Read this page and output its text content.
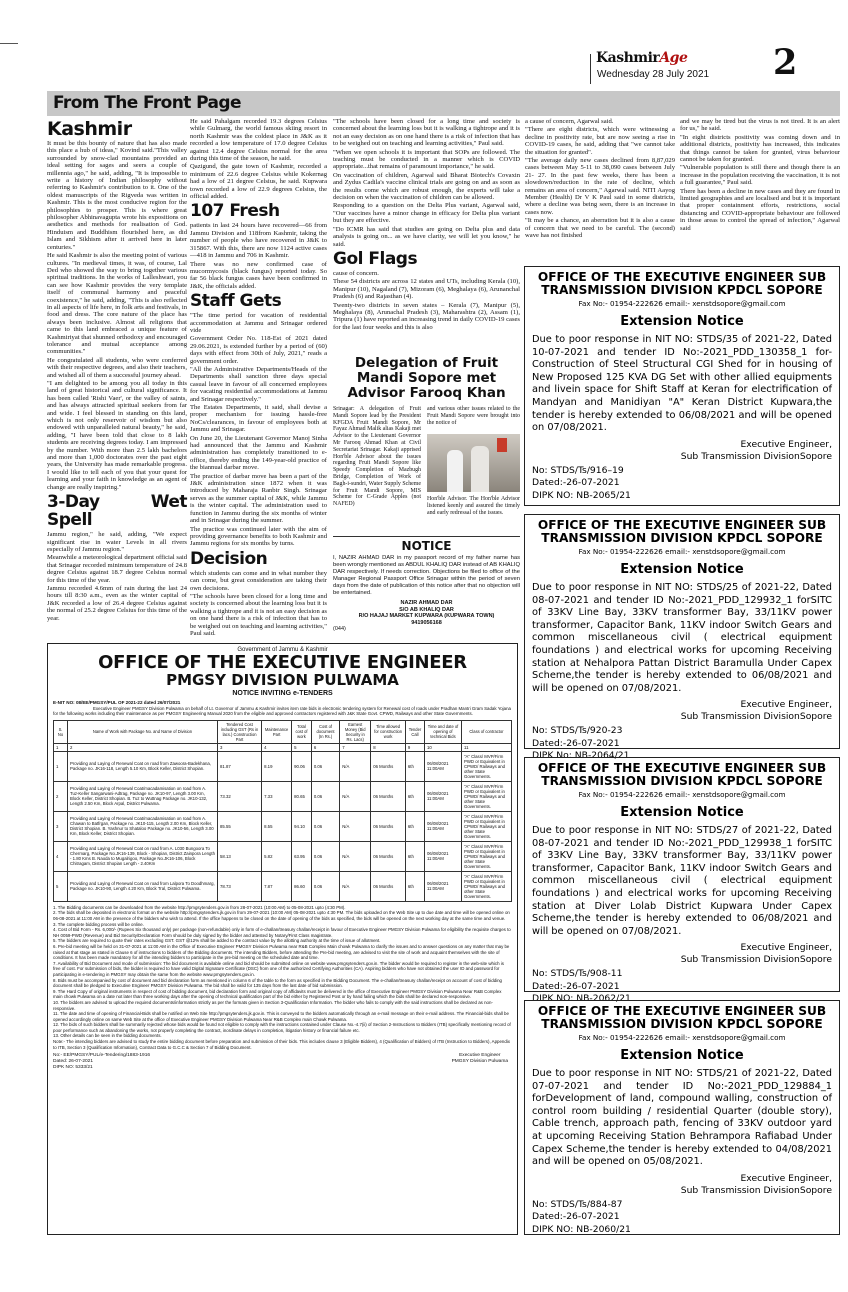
KashmirAge
Wednesday 28 July 2021 2
From The Front Page
Kashmir

It must be this bounty of nature that has also made this place a hub of ideas," Kovind said."This valley surrounded by snow-clad mountains provided an ideal setting for sages and seers a couple of millennia ago," he said, adding, "It is impossible to write a history of Indian philosophy without referring to Kashmir's contribution to it. One of the oldest manuscripts of the Rigveda was written in Kashmir. This is the most conducive region for the philosophies to prosper. This is where great philosopher Abhinavagupta wrote his expositions on aesthetics and methods for realisation of God. Hinduism and Buddhism flourished here, as did Islam and Sikhism after it arrived here in later centuries."

He said Kashmir is also the meeting point of various cultures. "In medieval times, it was, of course, Lal Ded who showed the way to bring together various spiritual traditions. In the works of Lalleshwari, you can see how Kashmir provides the very template itself of communal harmony and peaceful coexistence," he said, adding, "This is also reflected in all aspects of life here, in folk arts and festivals, in food and dress. The core nature of the place has always been inclusive. Almost all religions that came to this land embraced a unique feature of Kashmiriyat that shunned orthodoxy and encouraged tolerance and mutual acceptance among communities."

He congratulated all students, who were conferred with their respective degrees, and also their teachers, and wished all of them a successful journey ahead.

"I am delighted to be among you all today in this land of great historical and cultural significance. It has been called 'Rishi Vaer', or the valley of saints, and has always attracted spiritual seekers from far and wide. I feel blessed in standing on this land, which is not only reservoir of wisdom but also endowed with unparalleled natural beauty," he said, adding, "I have been told that close to 8 lakh students are receiving degrees today. I am impressed by the number. With more than 2.5 lakh bachelors and more than 1,000 doctorates over the past eight years, the University has made remarkable progress. I would like to tell each of you that your quest for learning and your faith in knowledge as an agent of change are really inspiring."

3-Day Wet Spell

Jammu region," he said, adding, "We expect significant rise in water Levels in all rivers especially of Jammu region."

Meanwhile a meteorological department official said that Srinagar recorded minimum temperature of 24.8 degree Celsius against 18.7 degree Celsius normal for this time of the year.

Jammu recorded 4.6mm of rain during the last 24 hours till 8:30 a.m., even as the winter capital of J&K recorded a low of 26.4 degree Celsius against the normal of 25.2 degree Celsius for this time of the year.

He said Pahalgam recorded 19.3 degrees Celsius while Gulmarg, the world famous skiing resort in north Kashmir was the coldest place in J&K as it recorded a low temperature of 17.0 degree Celsius against 12.4 degree Celsius normal for the area during this time of the season, he said.

Qazigund, the gate town of Kashmir, recorded a minimum of 22.6 degree Celsius while Kokernag had a low of 21 degree Celsius, he said. Kupwara town recorded a low of 22.9 degrees Celsius, the official added.

107 Fresh

patients in last 24 hours have recovered—66 from Jammu Division and 118from Kashmir, taking the number of people who have recovered in J&K to 315867. With this, there are now 1124 active cases—418 in Jammu and 706 in Kashmir.

There was no new confirmed case of mucormycosis (black fungus) reported today. So far 56 black fungus cases have been confirmed in J&K, the officials added.

Staff Gets

"The time period for vacation of residential accommodation at Jammu and Srinagar ordered vide

Government Order No. 118-Est of 2021 dated 29.06.2021, is extended further by a period of (60) days with effect from 30th of July, 2021," reads a government order.

"All the Administrative Departments/Heads of the Departments shall sanction three days special casual leave in favour of all concerned employees for vacating residential accommodations at Jammu and Srinagar respectively."

The Estates Departments, it said, shall devise a proper mechanism for issuing hassle-free NoCs/clearances, in favour of employees both at Jammu and Srinagar.

On June 20, the Lieutenant Governor Manoj Sinha had announced that the Jammu and Kashmir administration has completely transitioned to e-office, thereby ending the 149-year-old practice of the biannual darbar move.

The practice of darbar move has been a part of the J&K administration since 1872 when it was introduced by Maharaja Ranbir Singh. Srinagar serves as the summer capital of J&K, while Jammu is the winter capital. The administration used to function in Jammu during the six months of winter and in Srinagar during the summer.

The practice was continued later with the aim of providing governance benefits to both Kashmir and Jammu regions for six months by turns.

Decision

which students can come and in what number they can come, but great consideration are taking their own decisions.

"The schools have been closed for a long time and society is concerned about the learning loss but it is walking a tightrope and it is not an easy decision as on one hand there is a risk of infection that has to be weighed out on teaching and learning activities," Paul said.

"The schools have been closed for a long time and society is concerned about the learning loss but it is walking a tightrope and it is not an easy decision as on one hand there is a risk of infection that has to be weighed out on teaching and learning activities," Paul said.

"When we open schools it is important that SOPs are followed. The teaching must be conducted in a manner which is COVID appropriate...that remains of paramount importance," he said.

On vaccination of children, Agarwal said Bharat Biotech's Covaxin and Zydus Cadila's vaccine clinical trials are going on and as soon as the results come which are robust enough, the experts will take a decision on when the vaccination of children can be allowed.

Responding to a question on the Delta Plus variant, Agarwal said, "Our vaccines have a minor change in efficacy for Delta plus variant but they are effective.

"Do ICMR has said that studies are going on Delta plus and data analysis is going on... as we have clarity, we will let you know," he said.

Gol Flags

cause of concern.

These 54 districts are across 12 states and UTs, including Kerala (10), Manipur (10), Nagaland (7), Mizoram (6), Meghalaya (6), Arunanchal Pradesh (6) and Rajasthan (4).

Twenty-two districts in seven states – Kerala (7), Manipur (5), Meghalaya (8), Arunachal Pradesh (3), Maharashtra (2), Assam (1), Tripura (1) have reported an increasing trend in daily COVID-19 cases for the last four weeks and this is also

a cause of concern, Agarwal said.

"There are eight districts, which were witnessing a decline in positivity rate, but are now seeing a rise in COVID-19 cases, he said, adding that "we cannot take the situation for granted".

"The average daily new cases declined from 8,87,029 cases between May 5-11 to 38,090 cases between July 21- 27. In the past few weeks, there has been a slowdown/reduction in the rate of decline, which remains an area of concern," Agarwal said. NITI Aayog Member (Health) Dr V K Paul said in some districts, where a decline was being seen, there is an increase in cases now.

"It may be a chance, an aberration but it is also a cause of concern that we need to be careful. The (second) wave has not finished

and we may be tired but the virus is not tired. It is an alert for us," he said.

"In eight districts positivity was coming down and in additional districts, positivity has increased, this indicates that things cannot be taken for granted, virus behaviour cannot be taken for granted.

"Vulnerable population is still there and though there is an increase in the population receiving the vaccination, it is not a full guarantee," Paul said.

There has been a decline in new cases and they are found in limited geographies and are localised and but it is important that proper containment efforts, restrictions, social distancing and COVID-appropriate behaviour are followed in those areas to control the spread of infection," Agarwal said

Delegation of Fruit Mandi Sopore met Advisor Farooq Khan
Srinagar: A delegation of Fruit Mandi Sopore lead by the President KFGDA Fruit Mandi Sopore, Mr Fayaz Ahmad Malik alias Kakaji met Advisor to the Lieutenant Governor Mr Farooq Ahmad Khan at Civil Secretariat Srinagar. Kakaji apprised Hon'ble Advisor about the issues regarding Fruit Mandi Sopore like Speedy Completion of Mazbugh Bridge, Completion of Work of Bagh-i-sundri, Water Supply Scheme for Fruit Mandi Sopore, MIS Scheme for C-Grade Apples (not NAFED)
and various other issues related to the Fruit Mandi Sopore were brought into the notice of
Hon'ble Advisor. The Hon'ble Advisor listened keenly and assured the timely and early redressal of the issues.
NOTICE
I, NAZIR AHMAD DAR in my passport record of my father name has been wrongly mentioned as ABDUL KHALIQ DAR instead of AB KHALIQ DAR respectively. If needs correction. Objections be filed to office of the Manager Regional Passport Office Srinagar within the period of seven days from the date of publication of this notice after that no objection will be entertained.
NAZIR AHMAD DAR
S/O AB KHALIQ DAR
R/O HAJAJ MARKET KUPWARA (KUPWARA TOWN)
9419056168
(044)
OFFICE OF THE EXECUTIVE ENGINEER SUB TRANSMISSION DIVISION KPDCL SOPORE
Fax No:- 01954-222626 email:- xenstdsopore@gmail.com
Extension Notice
Due to poor response in NIT NO: STDS/35 of 2021-22, Dated 10-07-2021 and tender ID No:-2021_PDD_130358_1 for-Construction of Steel Structural CGI Shed for in housing of New Proposed 125 KVA DG Set with other allied equipments and livein space for Shift Staff at Keran for electrification of Mandyan and Manidiyan "A" Keran District Kupwara,the tender is hereby extended to 06/08/2021 and will be opened on 07/08/2021.
Executive Engineer,
Sub Transmission DivisionSopore
No: STDS/Ts/916–19
Dated:-26-07-2021
DIPK NO: NB-2065/21
OFFICE OF THE EXECUTIVE ENGINEER SUB TRANSMISSION DIVISION KPDCL SOPORE
Fax No:- 01954-222626 email:- xenstdsopore@gmail.com
Extension Notice
Due to poor response in NIT NO: STDS/25 of 2021-22, Dated 08-07-2021 and tender ID No:-2021_PDD_129932_1 forSITC of 33KV Line Bay, 33KV transformer Bay, 33/11KV power transformer, Capacitor Bank, 11KV indoor Switch Gears and common miscellaneous civil ( electrical equipment foundations ) and electrical works for upcoming Receiving station at Nehalpora Pattan District Baramulla Under Capex Scheme,the tender is hereby extended to 06/08/2021 and will be opened on 07/08/2021.
Executive Engineer,
Sub Transmission DivisionSopore
No: STDS/Ts/920-23
Dated:-26-07-2021
DIPK No: NB-2064/21
OFFICE OF THE EXECUTIVE ENGINEER SUB TRANSMISSION DIVISION KPDCL SOPORE
Fax No:- 01954-222626 email:- xenstdsopore@gmail.com
Extension Notice
Due to poor response in NIT NO: STDS/27 of 2021-22, Dated 08-07-2021 and tender ID No:-2021_PDD_129938_1 forSITC of 33KV Line Bay, 33KV transformer Bay, 33/11KV power transformer, Capacitor Bank, 11KV indoor Switch Gears and common miscellaneous civil ( electrical equipment foundations ) and electrical works for upcoming Receiving station at Diver Lolab District Kupwara Under Capex Scheme,the tender is hereby extended to 06/08/2021 and will be opened on 07/08/2021.
Executive Engineer,
Sub Transmission DivisionSopore
No: STDS/Ts/908-11
Dated:-26-07-2021
DIPK NO: NB-2062/21
OFFICE OF THE EXECUTIVE ENGINEER SUB TRANSMISSION DIVISION KPDCL SOPORE
Fax No:- 01954-222626 email:- xenstdsopore@gmail.com
Extension Notice
Due to poor response in NIT NO: STDS/21 of 2021-22, Dated 07-07-2021 and tender ID No:-2021_PDD_129884_1 forDevelopment of land, compound walling, construction of control room building / residential Quarter (double story), Cable trench, approach path, fencing of 33KV outdoor yard at upcoming Receiving Station Behrampora Rafiabad Under Capex Scheme,the tender is hereby extended to 04/08/2021 and will be opened on 05/08/2021.
Executive Engineer,
Sub Transmission DivisionSopore
No: STDS/Ts/884-87
Dated:-26-07-2021
DIPK NO: NB-2060/21
Government of Jammu & Kashmir
OFFICE OF THE EXECUTIVE ENGINEER
PMGSY DIVISION PULWAMA
NOTICE INVITING e-TENDERS
E-NIT NO: 08/EE/PMGSY/PUL OF 2021-22 dated 26/07/2021
Executive Engineer PMGSY Division Pulwama on behalf of Lt. Governor of Jammu & Kashmir invites item rate bids in electronic tendering system for Renewal cost of roads under Pradhan Mantri Gram Sadak Yojana for the following works including their maintenance as per PMGSY Engineering Manual 2020 from the eligible and approved contractors registered with J&K State Govt. CPWD, Railways and other State Governments.
S. No	Name of Work with Package No. and Name of Division	Tendered Cost including GST (Rs in lacs.) Construction Part	Maintenance Part	Total cost of work	Cost of document (In Rs.)	Earnest Money (Bid Security in Rs. Lacs)	Time allowed for construction work	Tender Call	Time and date of opening of technical Bids	Class of contractor
1	2	3	4	5	6	7	8	9	10	11
1	Providing and Laying of Renewal Coat on road from Zawoora-Badekhana, Package no. JK16-118, Length 5.10 Km, Block Keller, District Shopian.	81.87	8.19	90.06	0.06	N/A	06 Months	6th	06/08/2021 11:00AM	"A" Class/ MVP/Firm PWD or Equivalent in CPWD/ Railways and other State Governments.
2	Providing and Laying of Renewal Coat/macadamisation on road from A. Tuz-Keller Sangarwani-Adtrag, Package no. JK10-97, Length 3.00 Km, Block Keller, District Shopian. B. Tuz to Wuttnag Package no. JK10-132, Length 2.50 Km, Block Arpal, District Pulwama.	73.32	7.33	80.65	0.06	N/A	06 Months	6th	06/08/2021 11:00AM	"A" Class/ MVP/Firm PWD or Equivalent in CPWD/ Railways and other State Governments.
3	Providing and Laying of Renewal Coat/macadamisation on road from A. Chawan to Batfrgan, Package no. JK10-115, Length 2.00 Km, Block Keller, District Shopian. B. Yashnur to Shataloo Package no. JK10-56, Length 3.00 Km, Block Keller, District Shopian.	85.55	8.55	94.10	0.06	N/A	06 Months	6th	06/08/2021 11:00AM	"A" Class/ MVP/Firm PWD or Equivalent in CPWD/ Railways and other State Governments.
4	Providing and Laying of Renewal Coat on road from A. L030 Bungoora To Chermarg, Package No.JK16-139, Block - Shopian, District Zainpora Length - 1.80 Kms B. Naoda to Mugalrigoo, Package No.JK16-106, Block Chitragam, District Shopian Length - 2.40Km	58.13	5.82	63.95	0.06	N/A	06 Months	6th	06/08/2021 11:00AM	"A" Class/ MVP/Firm PWD or Equivalent in CPWD/ Railways and other State Governments.
5	Providing and Laying of Renewal Coat on road from Lalpora To Doodhmarg, Package no. JK10-90, Length 4.20 Km, Block Tral, District Pulwama.	78.73	7.87	86.60	0.06	N/A	06 Months	6th	06/08/2021 11:00AM	"A" Class/ MVP/Firm PWD or Equivalent in CPWD/ Railways and other State Governments.
1. The Bidding documents can be downloaded from the website http://pmgsytenders.gov.in from 28-07-2021 (10:00 AM) to 05-08-2021 upto (4:30 PM).
2. The bids shall be deposited in electronic format on the website http://pmgsytenders.jk.gov.in from 29-07-2021 (10:00 AM) 05-08-2021 upto 4:30 PM. The bids uploaded on the Web Site up to due date and time will be opened online on 06-08-2021 at 11:00 AM in the presence of the bidders who wish to attend. If the office happens to be closed on the date of opening of the bids as specified, the bids will be opened on the next working day at the same time and venue.
3. The complete bidding process will be online.
4. Cost of Bid Form - Rs. 6,000/- (Rupees Six thousand only) per package (non-refundable) only in form of e-challan/treasury challan/receipt in favour of Executive Engineer PMGSY Division Pulwama for eligibility the requisite charges to NH 0059-PWD (Revenue) and Bid Security/Declaration Form should be duly signed by the bidder and attested by Notary/First Class magistrate.
5. The bidders are required to quote their rates excluding GST. GST @12% shall be added to the contract value by the allotting authority at the time of issue of allotment.
6. Pre-bid meeting will be held on 31-07-2021 at 11:00 AM in the Office of Executive Engineer PMGSY Division Pulwama near R&B Complex Main chowk Pulwama to clarify the issues and to answer questions on any matter that may be raised at that stage as stated in Clause 6 of instructions to bidders of the Bidding documents. The intending Bidders, before attending the Pre-bid meeting, are advised to visit the site of work and acquaint themselves with the site of conditions. It has been made mandatory for all the intending bidders to participate in the pre-bid meeting on the scheduled date and time.
7. Availability of Bid Document and mode of submission: The bid document is available online and bid should be submitted online on website www.pmgsytenders.gov.in. The bidder would be required to register in the web-site which is free of cost. For submission of bids, the bidder is required to have valid Digital Signature Certificate (DSC) from one of the authorized Certifying Authorities (CA). Aspiring bidders who have not obtained the user ID and password for participating in e-tendering in PMGSY may obtain the same from the website www.pmgsytenders.gov.in.
8. Bids must be accompanied by cost of document and bid declaration form as mentioned in column 6 of the table to the form as specified in the Bidding Document. The e-challan/treasury challan/receipt on account of cost of bidding document shall be pledged to Executive Engineer PMGSY Division Pulwama. The bid shall be valid for 135 days from the last date of bid submission.
9. The Hard Copy of original instruments in respect of cost of bidding document, bid declaration form and original copy of affidavits must be delivered in the office of Executive Engineer PMGSY Division Pulwama Near R&B Complex main chowk Pulwama on a date not later than three working days after the opening of technical qualification part of the bid either by Registered Post or by hand failing which the bids shall be declared non-responsive.
10. The bidders are advised to upload the required documents/information strictly as per the formats given in Section 3-Qualification Information. The bidder who fails to comply with the said instructions shall be declared as non-responsive.
11. The date and time of opening of Financial-Bids shall be notified on Web Site http://pmgsytenders.jk.gov.in. This is conveyed to the bidders automatically through an e-mail message on their e-mail address. The Financial-bids shall be opened accordingly online on same Web Site at the office of Executive Engineer PMGSY Division Pulwama Near R&B Complex main Chowk Pulwama.
12. The bids of such bidders shall be summarily rejected whose bids would be found not eligible to comply with the instructions contained under Clause No.-4.7(ii) of Section 2-Instructions to Bidders (ITB) specifically mentioning record of poor performance such as abandoning the works, not properly completing the contract, inordinate delays in completion, litigation history or financial failure etc.
13. Other details can be seen in the bidding documents.
Note:- The intending bidders are advised to study the entire bidding document before preparation and submission of their bids. This includes clause 3 (Eligible Bidders), 4 (Qualification of Bidders) of ITB (Instruction to Bidders), Appendix to ITB, Section 3 (Qualification Information), Contract Data to G.C.C & Section 7 of Bidding Document.
No:- EE/PMGSY/PUL/e-Tendering/1883-1916
Dated: 26-07-2021
DIPK NO: 5333/21
Executive Engineer
PMGSY Division Pulwama
